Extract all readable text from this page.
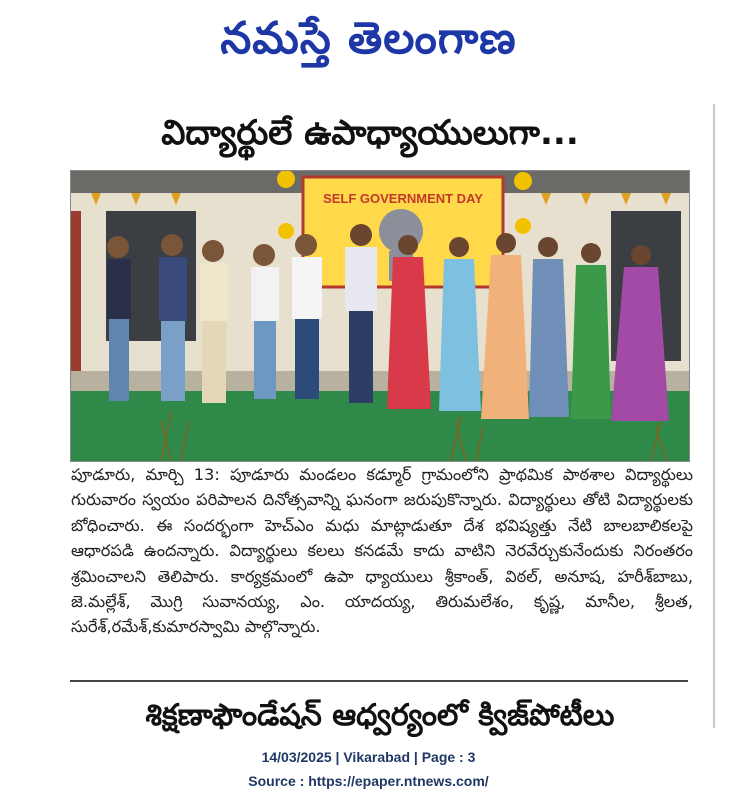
నమస్తే తెలంగాణ
విద్యార్థులే ఉపాధ్యాయులుగా...
SELF GOVERNMENT DAY

పూడూరు, మార్చి 13: పూడూరు మండలం కడ్మూర్ గ్రామంలోని ప్రాథమిక పాఠశాల విద్యార్థులు గురువారం స్వయం పరిపాలన దినోత్సవాన్ని ఘనంగా జరుపుకొన్నారు. విద్యార్థులు తోటి విద్యార్థులకు బోధించారు. ఈ సందర్భంగా హెచ్ఎం మధు మాట్లాడుతూ దేశ భవిష్యత్తు నేటి బాలబాలికలపై ఆధారపడి ఉందన్నారు. విద్యార్థులు కలలు కనడమే కాదు వాటిని నెరవేర్చుకునేందుకు నిరంతరం శ్రమించాలని తెలిపారు. కార్యక్రమంలో ఉపా ధ్యాయులు శ్రీకాంత్, విఠల్, అనూష, హరీశ్‌బాబు, జె.మల్లేశ్, మొగ్రి సువానయ్య, ఎం. యాదయ్య, తిరుమలేశం, కృష్ణ, మానీల, శ్రీలత, సురేశ్,రమేశ్,కుమారస్వామి పాల్గొన్నారు.

శిక్షణాఫౌండేషన్ ఆధ్వర్యంలో క్విజ్‌పోటీలు
14/03/2025 | Vikarabad | Page : 3
Source : https://epaper.ntnews.com/
